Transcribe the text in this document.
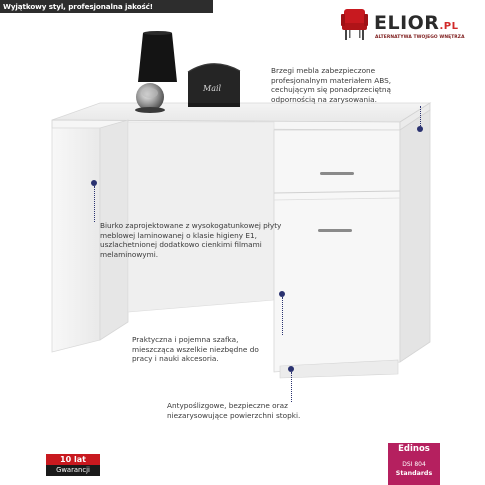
Wyjątkowy styl, profesjonalna jakość!
ELIOR.PL
ALTERNATYWA TWOJEGO WNĘTRZA
Mail
Brzegi mebla zabezpieczone profesjonalnym materiałem ABS, cechującym się ponadprzeciętną odpornością na zarysowania.
Biurko zaprojektowane z wysokogatunkowej płyty meblowej laminowanej o klasie higieny E1, uszlachetnionej dodatkowo cienkimi filmami melaminowymi.
Praktyczna i pojemna szafka, mieszcząca wszelkie niezbędne do pracy i nauki akcesoria.
Antypoślizgowe, bezpieczne oraz niezarysowujące powierzchni stopki.
10 lat
Gwarancji
Edinos
DSI 804
Standards
